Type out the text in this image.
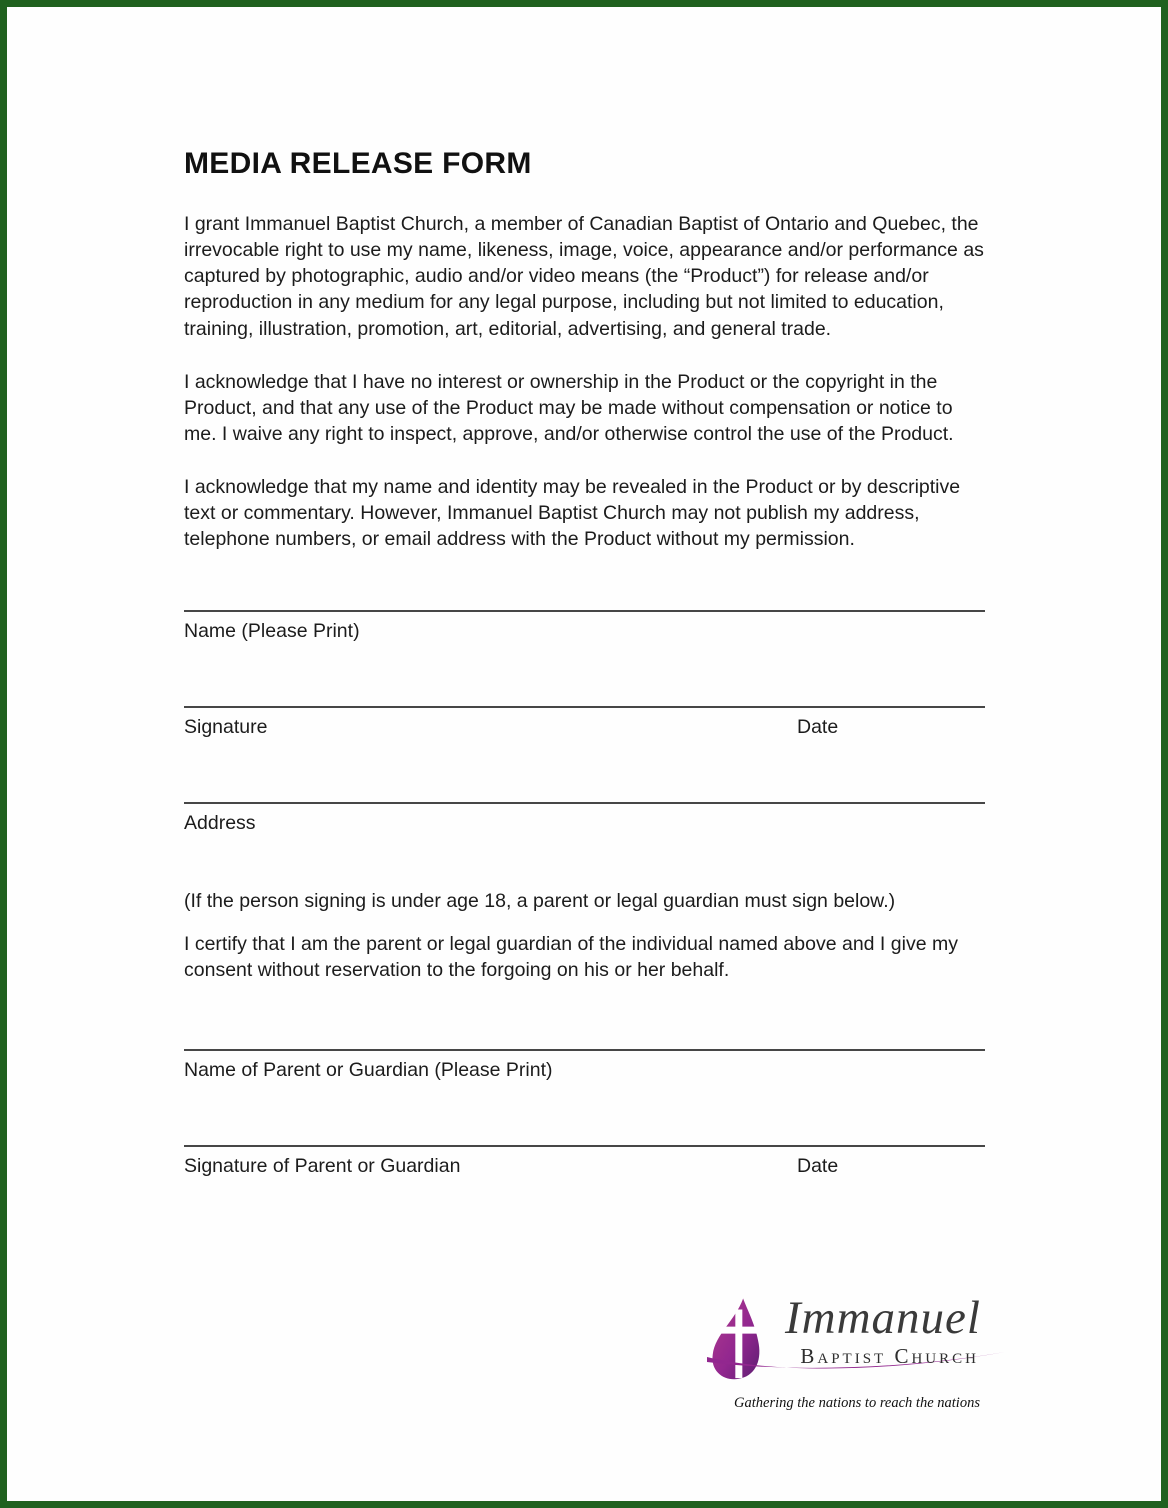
MEDIA RELEASE FORM

I grant Immanuel Baptist Church, a member of Canadian Baptist of Ontario and Quebec, the irrevocable right to use my name, likeness, image, voice, appearance and/or performance as captured by photographic, audio and/or video means (the “Product”) for release and/or reproduction in any medium for any legal purpose, including but not limited to education, training, illustration, promotion, art, editorial, advertising, and general trade.

I acknowledge that I have no interest or ownership in the Product or the copyright in the Product, and that any use of the Product may be made without compensation or notice to me. I waive any right to inspect, approve, and/or otherwise control the use of the Product.

I acknowledge that my name and identity may be revealed in the Product or by descriptive text or commentary. However, Immanuel Baptist Church may not publish my address, telephone numbers, or email address with the Product without my permission.

Name (Please Print)
Signature	Date
Address

(If the person signing is under age 18, a parent or legal guardian must sign below.)

I certify that I am the parent or legal guardian of the individual named above and I give my consent without reservation to the forgoing on his or her behalf.

Name of Parent or Guardian (Please Print)
Signature of Parent or Guardian	Date
Immanuel
Baptist Church
Gathering the nations to reach the nations
